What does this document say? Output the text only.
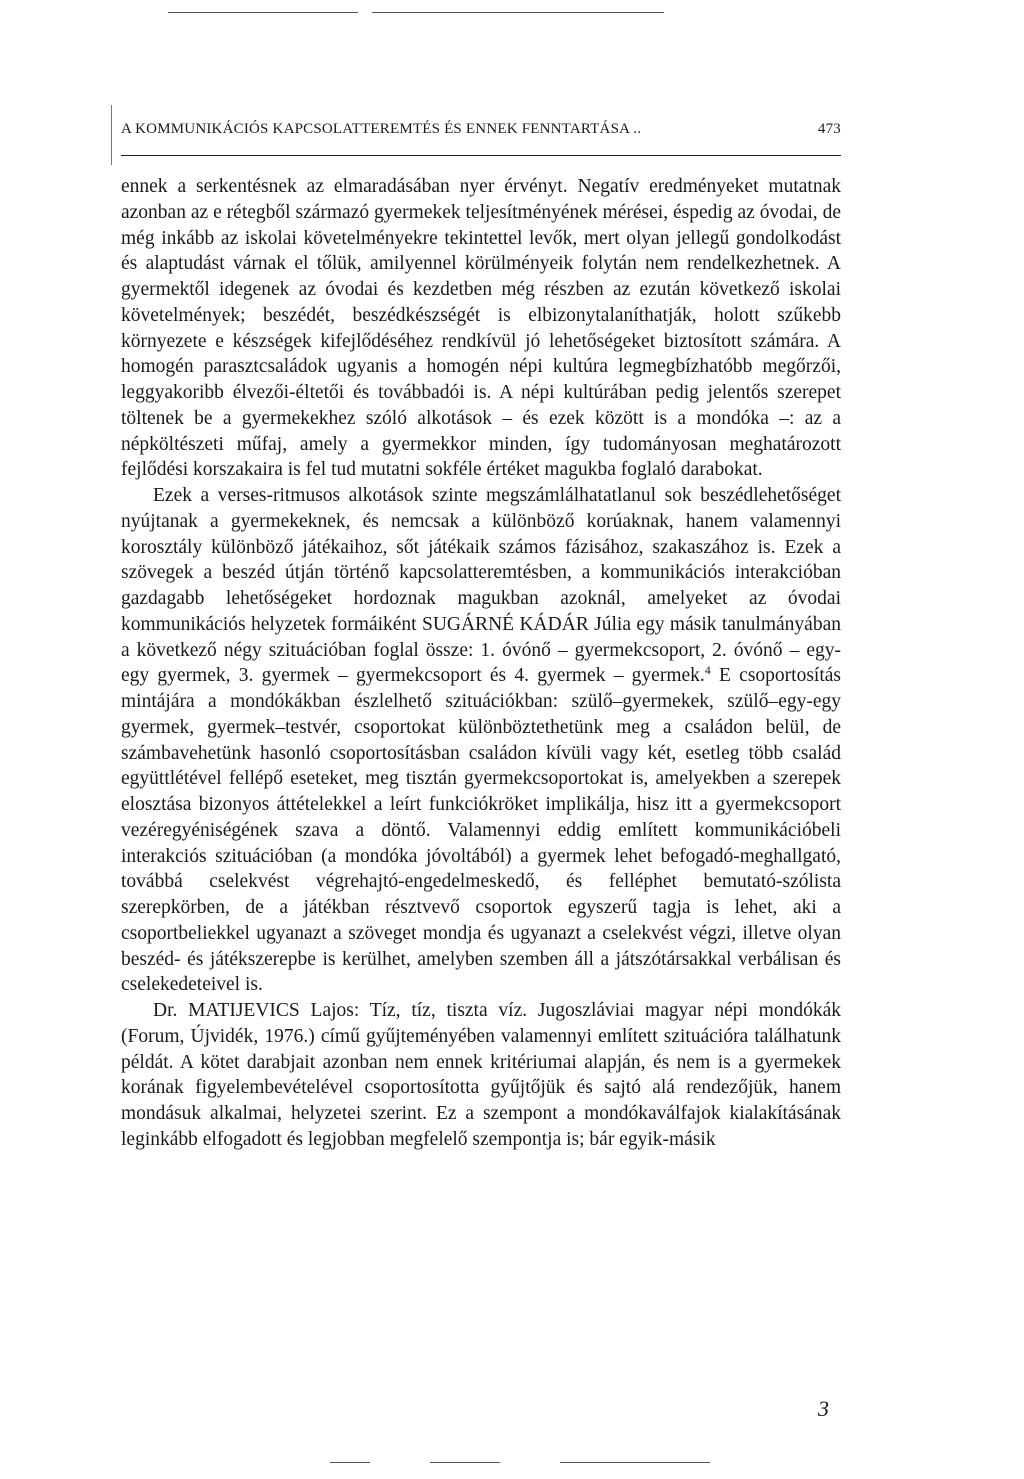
A KOMMUNIKÁCIÓS KAPCSOLATTEREMTÉS ÉS ENNEK FENNTARTÁSA ..	473

ennek a serkentésnek az elmaradásában nyer érvényt. Negatív eredményeket mutatnak azonban az e rétegből származó gyermekek teljesítményének mérései, éspedig az óvodai, de még inkább az iskolai követelményekre tekintettel levők, mert olyan jellegű gondolkodást és alaptudást várnak el tőlük, amilyennel körülményeik folytán nem rendelkezhetnek. A gyermektől idegenek az óvodai és kezdetben még részben az ezután következő iskolai követelmények; beszédét, beszédkészségét is elbizonytalaníthatják, holott szűkebb környezete e készségek kifejlődéséhez rendkívül jó lehetőségeket biztosított számára. A homogén parasztcsaládok ugyanis a homogén népi kultúra legmegbízhatóbb megőrzői, leggyakoribb élvezői-éltetői és továbbadói is. A népi kultúrában pedig jelentős szerepet töltenek be a gyermekekhez szóló alkotások – és ezek között is a mondóka –: az a népköltészeti műfaj, amely a gyermekkor minden, így tudományosan meghatározott fejlődési korszakaira is fel tud mutatni sokféle értéket magukba foglaló darabokat.

Ezek a verses-ritmusos alkotások szinte megszámlálhatatlanul sok beszédlehetőséget nyújtanak a gyermekeknek, és nemcsak a különböző korúaknak, hanem valamennyi korosztály különböző játékaihoz, sőt játékaik számos fázisához, szakaszához is. Ezek a szövegek a beszéd útján történő kapcsolatteremtésben, a kommunikációs interakcióban gazdagabb lehetőségeket hordoznak magukban azoknál, amelyeket az óvodai kommunikációs helyzetek formáiként SUGÁRNÉ KÁDÁR Júlia egy másik tanulmányában a következő négy szituációban foglal össze: 1. óvónő – gyermekcsoport, 2. óvónő – egy-egy gyermek, 3. gyermek – gyermekcsoport és 4. gyermek – gyermek.$^4$ E csoportosítás mintájára a mondókákban észlelhető szituációkban: szülő–gyermekek, szülő–egy-egy gyermek, gyermek–testvér, csoportokat különböztethetünk meg a családon belül, de számbavehetünk hasonló csoportosításban családon kívüli vagy két, esetleg több család együttlétével fellépő eseteket, meg tisztán gyermekcsoportokat is, amelyekben a szerepek elosztása bizonyos áttételekkel a leírt funkciókröket implikálja, hisz itt a gyermekcsoport vezéregyéniségének szava a döntő. Valamennyi eddig említett kommunikációbeli interakciós szituációban (a mondóka jóvoltából) a gyermek lehet befogadó-meghallgató, továbbá cselekvést végrehajtó-engedelmeskedő, és felléphet bemutató-szólista szerepkörben, de a játékban résztvevő csoportok egyszerű tagja is lehet, aki a csoportbeliekkel ugyanazt a szöveget mondja és ugyanazt a cselekvést végzi, illetve olyan beszéd- és játékszerepbe is kerülhet, amelyben szemben áll a játszótársakkal verbálisan és cselekedeteivel is.

Dr. MATIJEVICS Lajos: Tíz, tíz, tiszta víz. Jugoszláviai magyar népi mondókák (Forum, Újvidék, 1976.) című gyűjteményében valamennyi említett szituációra találhatunk példát. A kötet darabjait azonban nem ennek kritériumai alapján, és nem is a gyermekek korának figyelembevételével csoportosította gyűjtőjük és sajtó alá rendezőjük, hanem mondásuk alkalmai, helyzetei szerint. Ez a szempont a mondókaválfajok kialakításának leginkább elfogadott és legjobban megfelelő szempontja is; bár egyik-másik

3
